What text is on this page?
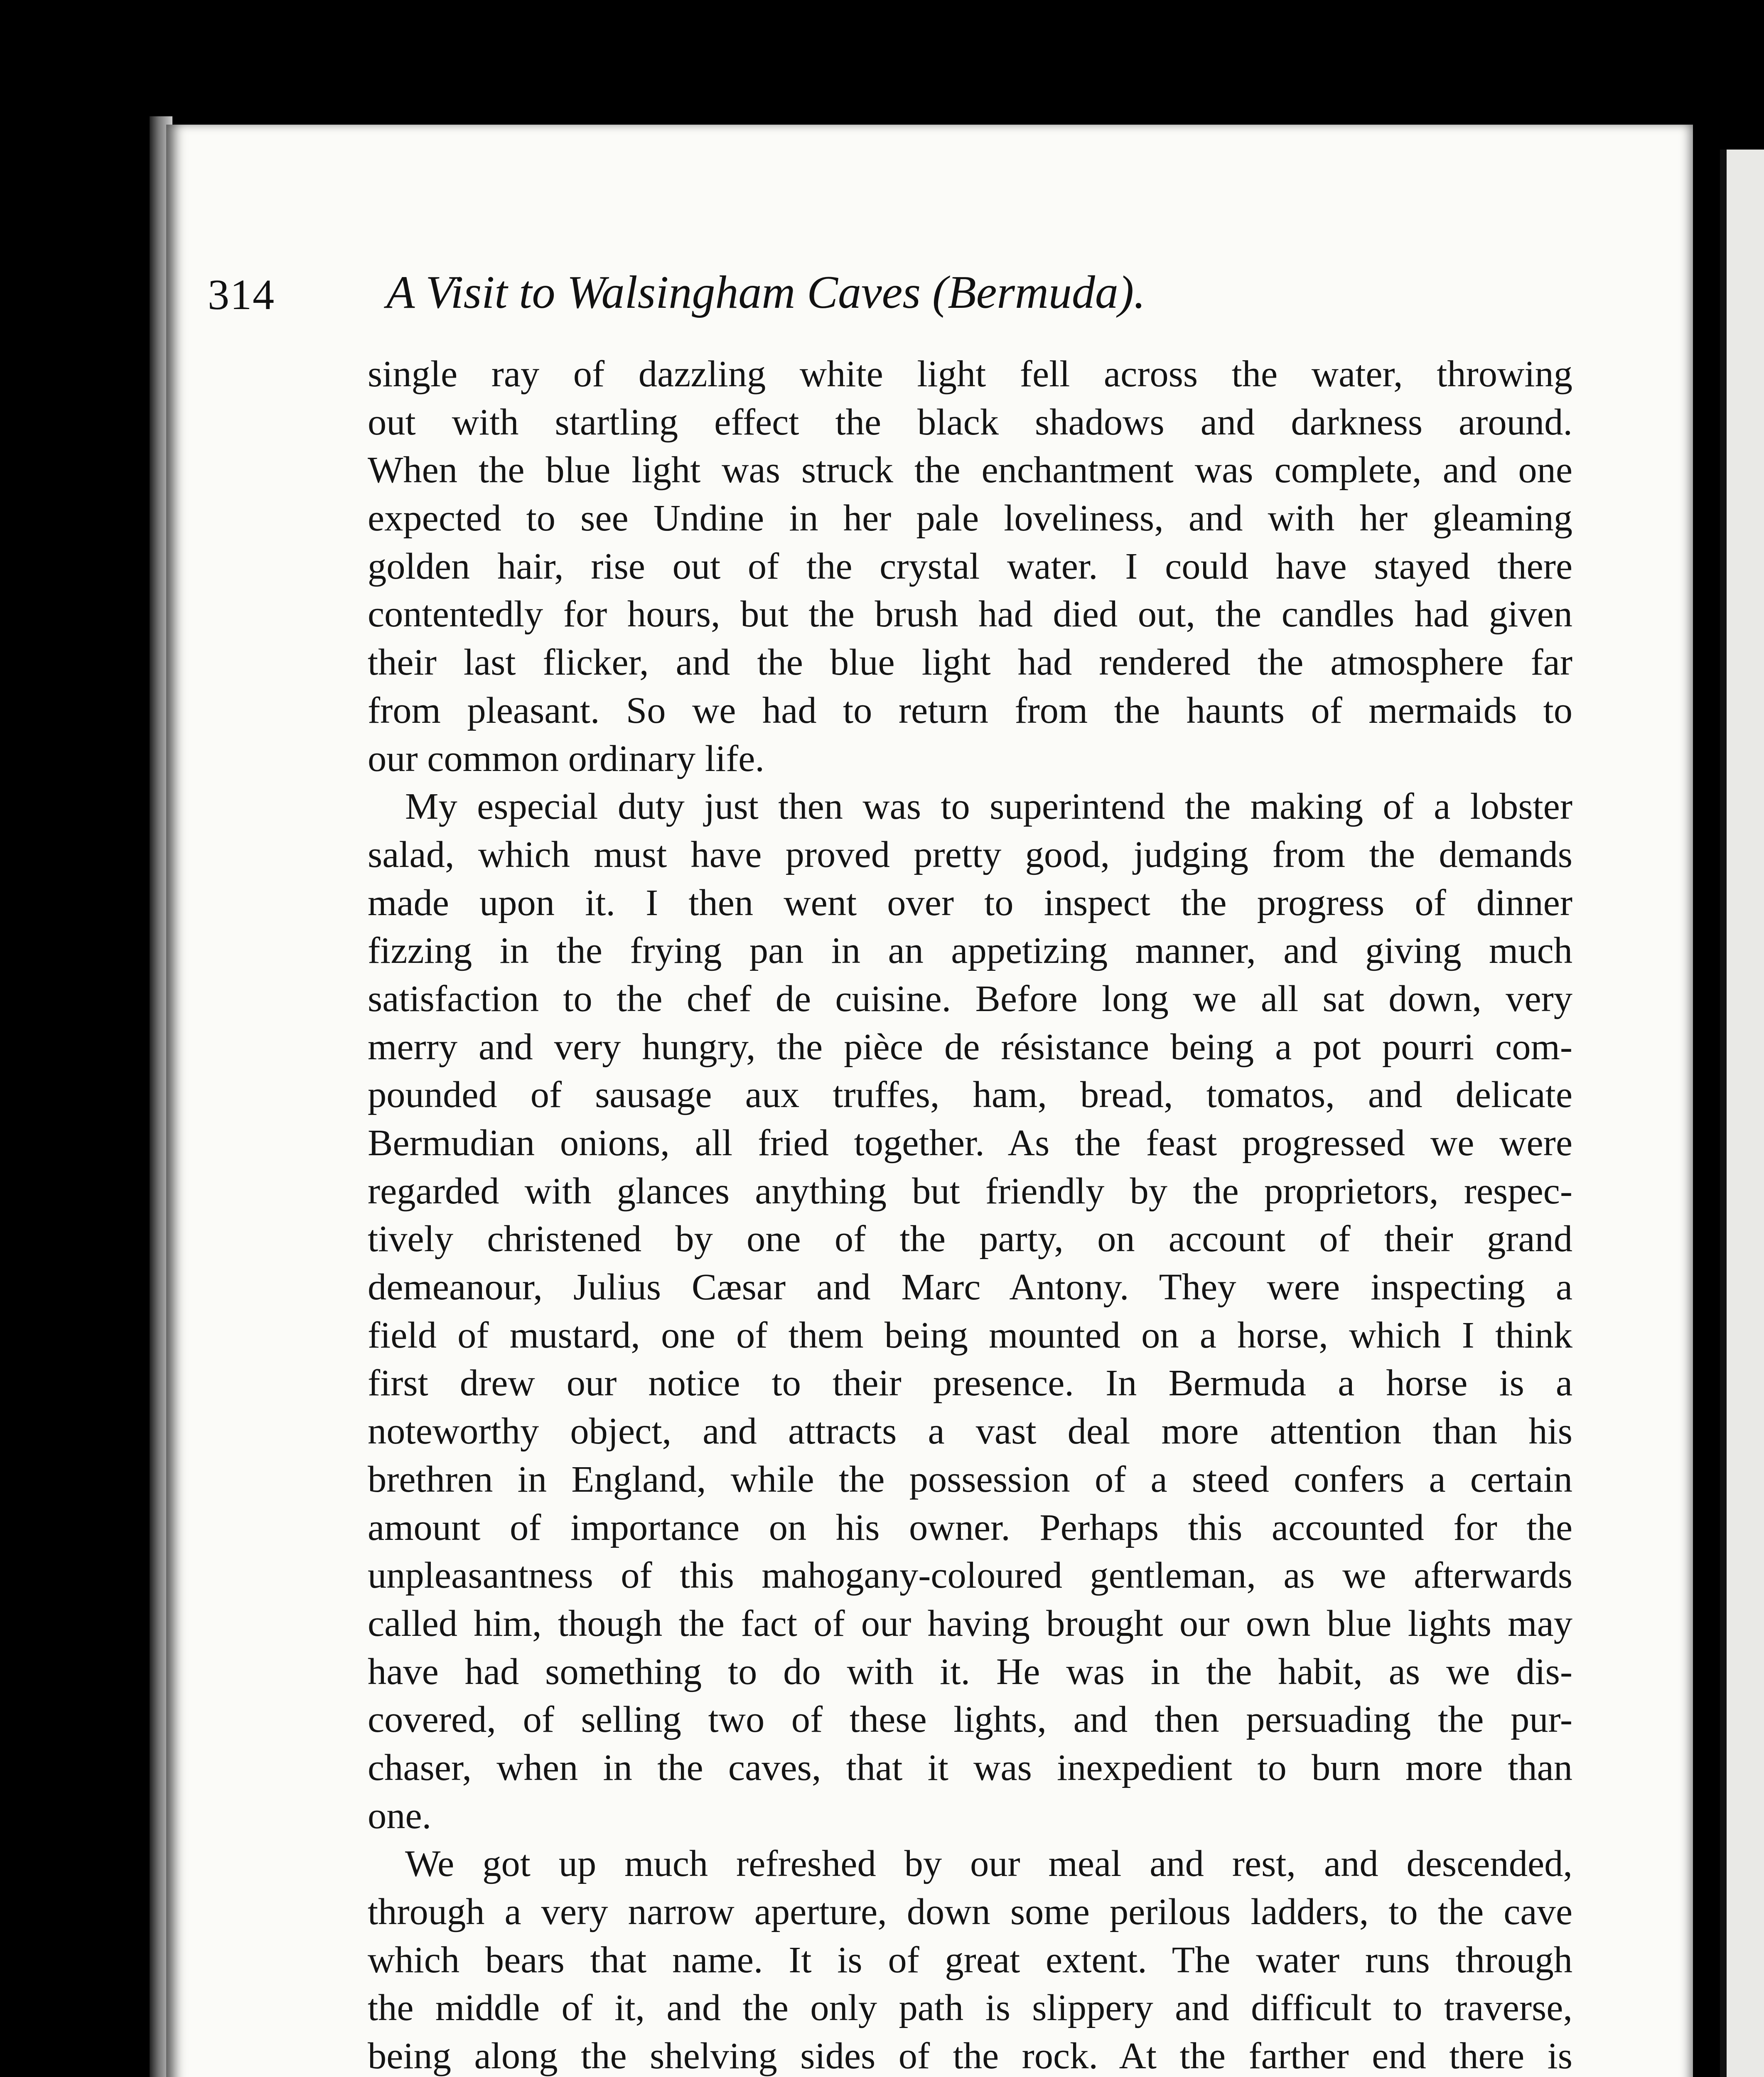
314 A Visit to Walsingham Caves (Bermuda).
single ray of dazzling white light fell across the water, throwing
out with startling effect the black shadows and darkness around.
When the blue light was struck the enchantment was complete, and one
expected to see Undine in her pale loveliness, and with her gleaming
golden hair, rise out of the crystal water. I could have stayed there
contentedly for hours, but the brush had died out, the candles had given
their last flicker, and the blue light had rendered the atmosphere far
from pleasant. So we had to return from the haunts of mermaids to
our common ordinary life.
My especial duty just then was to superintend the making of a lobster
salad, which must have proved pretty good, judging from the demands
made upon it. I then went over to inspect the progress of dinner
fizzing in the frying pan in an appetizing manner, and giving much
satisfaction to the chef de cuisine. Before long we all sat down, very
merry and very hungry, the pièce de résistance being a pot pourri com-
pounded of sausage aux truffes, ham, bread, tomatos, and delicate
Bermudian onions, all fried together. As the feast progressed we were
regarded with glances anything but friendly by the proprietors, respec-
tively christened by one of the party, on account of their grand
demeanour, Julius Cæsar and Marc Antony. They were inspecting a
field of mustard, one of them being mounted on a horse, which I think
first drew our notice to their presence. In Bermuda a horse is a
noteworthy object, and attracts a vast deal more attention than his
brethren in England, while the possession of a steed confers a certain
amount of importance on his owner. Perhaps this accounted for the
unpleasantness of this mahogany-coloured gentleman, as we afterwards
called him, though the fact of our having brought our own blue lights may
have had something to do with it. He was in the habit, as we dis-
covered, of selling two of these lights, and then persuading the pur-
chaser, when in the caves, that it was inexpedient to burn more than
one.
We got up much refreshed by our meal and rest, and descended,
through a very narrow aperture, down some perilous ladders, to the cave
which bears that name. It is of great extent. The water runs through
the middle of it, and the only path is slippery and difficult to traverse,
being along the shelving sides of the rock. At the farther end there is
